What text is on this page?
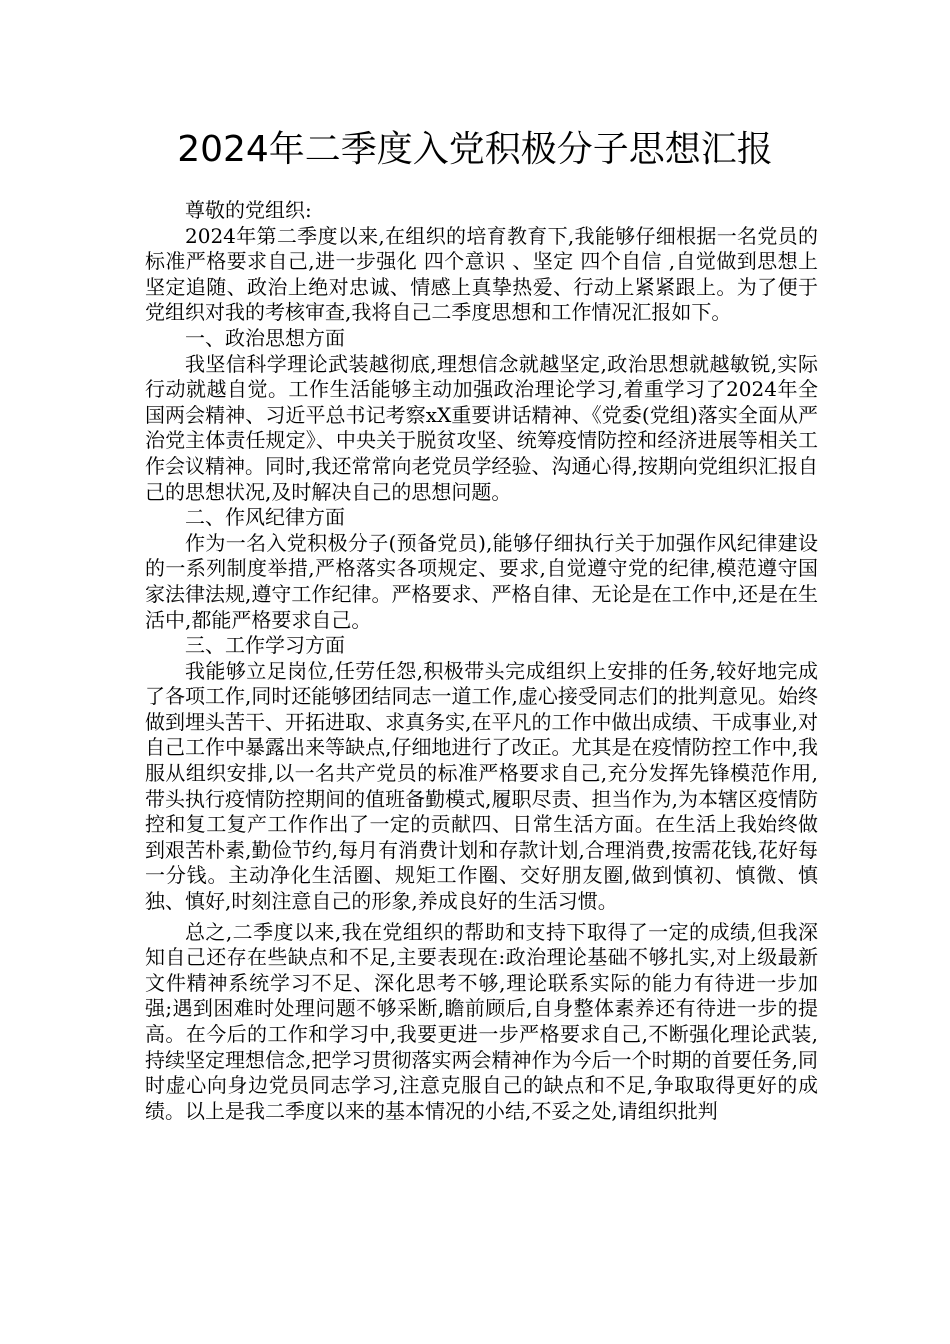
2024年二季度入党积极分子思想汇报

尊敬的党组织:

2024年第二季度以来,在组织的培育教育下,我能够仔细根据一名党员的标准严格要求自己,进一步强化 四个意识 、坚定 四个自信 ,自觉做到思想上坚定追随、政治上绝对忠诚、情感上真挚热爱、行动上紧紧跟上。为了便于党组织对我的考核审查,我将自己二季度思想和工作情况汇报如下。

一、政治思想方面

我坚信科学理论武装越彻底,理想信念就越坚定,政治思想就越敏锐,实际行动就越自觉。工作生活能够主动加强政治理论学习,着重学习了2024年全国两会精神、习近平总书记考察xX重要讲话精神、《党委(党组)落实全面从严治党主体责任规定》、中央关于脱贫攻坚、统筹疫情防控和经济进展等相关工作会议精神。同时,我还常常向老党员学经验、沟通心得,按期向党组织汇报自己的思想状况,及时解决自己的思想问题。

二、作风纪律方面

作为一名入党积极分子(预备党员),能够仔细执行关于加强作风纪律建设的一系列制度举措,严格落实各项规定、要求,自觉遵守党的纪律,模范遵守国家法律法规,遵守工作纪律。严格要求、严格自律、无论是在工作中,还是在生活中,都能严格要求自己。

三、工作学习方面

我能够立足岗位,任劳任怨,积极带头完成组织上安排的任务,较好地完成了各项工作,同时还能够团结同志一道工作,虚心接受同志们的批判意见。始终做到埋头苦干、开拓进取、求真务实,在平凡的工作中做出成绩、干成事业,对自己工作中暴露出来等缺点,仔细地进行了改正。尤其是在疫情防控工作中,我服从组织安排,以一名共产党员的标准严格要求自己,充分发挥先锋模范作用,带头执行疫情防控期间的值班备勤模式,履职尽责、担当作为,为本辖区疫情防控和复工复产工作作出了一定的贡献四、日常生活方面。在生活上我始终做到艰苦朴素,勤俭节约,每月有消费计划和存款计划,合理消费,按需花钱,花好每一分钱。主动净化生活圈、规矩工作圈、交好朋友圈,做到慎初、慎微、慎独、慎好,时刻注意自己的形象,养成良好的生活习惯。

总之,二季度以来,我在党组织的帮助和支持下取得了一定的成绩,但我深知自己还存在些缺点和不足,主要表现在:政治理论基础不够扎实,对上级最新文件精神系统学习不足、深化思考不够,理论联系实际的能力有待进一步加强;遇到困难时处理问题不够采断,瞻前顾后,自身整体素养还有待进一步的提高。在今后的工作和学习中,我要更进一步严格要求自己,不断强化理论武装,持续坚定理想信念,把学习贯彻落实两会精神作为今后一个时期的首要任务,同时虚心向身边党员同志学习,注意克服自己的缺点和不足,争取取得更好的成绩。以上是我二季度以来的基本情况的小结,不妥之处,请组织批判
